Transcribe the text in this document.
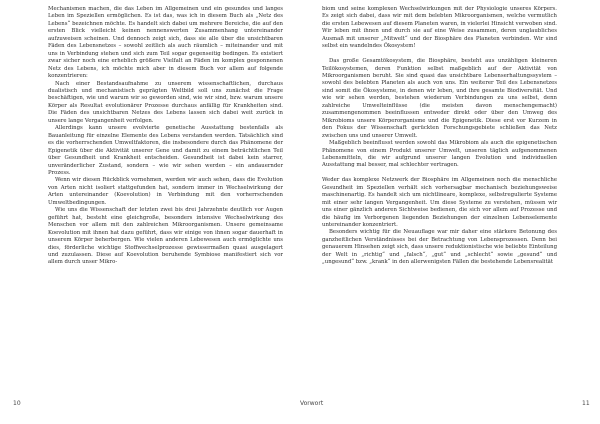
Mechanismen machen, die das Leben im Allgemeinen und ein gesundes und langes Leben im Speziellen ermöglichen. Es ist das, was ich in diesem Buch als „Netz des Lebens“ bezeichnen möchte. Es handelt sich dabei um mehrere Bereiche, die auf den ersten Blick vielleicht keinen nennenswerten Zusammenhang untereinander aufzuweisen scheinen. Und dennoch zeigt sich, dass sie alle über die unsichtbaren Fäden des Lebensnetzes – sowohl zeitlich als auch räumlich – miteinander und mit uns in Verbindung stehen und sich zum Teil sogar gegenseitig bedingen. Es existiert zwar sicher noch eine erheblich größere Vielfalt an Fäden im komplex gesponnenen Netz des Lebens, ich möchte mich aber in diesem Buch vor allem auf folgende konzentrieren:

Nach einer Bestandsaufnahme zu unserem wissenschaftlichen, durchaus dualistisch und mechanistisch geprägten Weltbild soll uns zunächst die Frage beschäftigen, wie und warum wir so geworden sind, wie wir sind, bzw. warum unsere Körper als Resultat evolutionärer Prozesse durchaus anfällig für Krankheiten sind. Die Fäden des unsichtbaren Netzes des Lebens lassen sich dabei weit zurück in unsere lange Vergangenheit verfolgen.

Allerdings kann unsere evolvierte genetische Ausstattung bestenfalls als Bauanleitung für einzelne Elemente des Lebens verstanden werden. Tatsächlich sind es die vorherrschenden Umweltfaktoren, die insbesondere durch das Phänomene der Epigenetik über die Aktivität unserer Gene und damit zu einem beträchtlichen Teil über Gesundheit und Krankheit entscheiden. Gesundheit ist dabei kein starrer, unveränderlicher Zustand, sondern – wie wir sehen werden – ein andauernder Prozess.

Wenn wir diesen Rückblick vornehmen, werden wir auch sehen, dass die Evolution von Arten nicht isoliert stattgefunden hat, sondern immer in Wechselwirkung der Arten untereinander (Koevolution) in Verbindung mit den vorherrschenden Umweltbedingungen.

Wie uns die Wissenschaft der letzten zwei bis drei Jahrzehnte deutlich vor Augen geführt hat, besteht eine gleichgroße, besonders intensive Wechselwirkung des Menschen vor allem mit den zahlreichen Mikroorganismen. Unsere gemeinsame Koevolution mit ihnen hat dazu geführt, dass wir einige von ihnen sogar dauerhaft in unserem Körper beherbergen. Wie vielen anderen Lebewesen auch ermöglichte uns dies, förderliche wichtige Stoffwechselprozesse gewissermaßen quasi ausgelagert und zuzulassen. Diese auf Koevolution beruhende Symbiose manifestiert sich vor allem durch unser Mikro-

10

biom und seine komplexen Wechselwirkungen mit der Physiologie unseres Körpers. Es zeigt sich dabei, dass wir mit dem belebten Mikroorganismen, welche vermutlich die ersten Lebewesen auf diesem Planeten waren, in vielerlei Hinsicht verwoben sind. Wir leben mit ihnen und durch sie auf eine Weise zusammen, deren unglaubliches Ausmaß mit unserer „Mitwelt“ und der Biosphäre des Planeten verbinden. Wir sind selbst ein wandelndes Ökosystem!

Das große Gesamtökosystem, die Biosphäre, besteht aus unzähligen kleineren Teilökosystemen, deren Funktion selbst maßgeblich auf der Aktivität von Mikroorganismen beruht. Sie sind quasi das unsichtbare Lebenserhaltungssystem – sowohl des belebten Planeten als auch von uns. Ein weiterer Teil des Lebensnetzes sind somit die Ökosysteme, in denen wir leben, und ihre gesamte Biodiversität. Und wie wir sehen werden, bestehen wiederum Verbindungen zu uns selbst, denn zahlreiche Umwelteinflüsse (die meisten davon menschengemacht) zusammengenommen beeinflussen entweder direkt oder über den Umweg des Mikrobioms unsere Körperorganisme und die Epigenetik. Diese erst vor Kurzem in den Fokus der Wissenschaft gerückten Forschungsgebiete schließen das Netz zwischen uns und unserer Umwelt.

Maßgeblich beeinflusst werden sowohl das Mikrobiom als auch die epigenetischen Phänomene von einem Produkt unserer Umwelt, unseren täglich aufgenommenen Lebensmitteln, die wir aufgrund unserer langen Evolution und individuellen Ausstattung mal besser, mal schlechter vertragen.

Weder das komplexe Netzwerk der Biosphäre im Allgemeinen noch die menschliche Gesundheit im Speziellen verhält sich vorhersagbar mechanisch beziehungsweise maschinenartig. Es handelt sich um nichtlineare, komplexe, selbstregulierte Systeme mit einer sehr langen Vergangenheit. Um diese Systeme zu verstehen, müssen wir uns einer gänzlich anderen Sichtweise bedienen, die sich vor allem auf Prozesse und die häufig im Verborgenen liegenden Beziehungen der einzelnen Lebenselemente untereinander konzentriert.

Besonders wichtig für die Neuauflage war mir daher eine stärkere Betonung des ganzheitlichen Verständnisses bei der Betrachtung von Lebensprozessen. Denn bei genauerem Hinsehen zeigt sich, dass unsere reduktionistische wie beliebte Einteilung der Welt in „richtig“ und „falsch“, „gut“ und „schlecht“ sowie „gesund“ und „ungesund“ bzw. „krank“ in den allerwenigsten Fällen die bestehende Lebensrealität

11
Vorwort
